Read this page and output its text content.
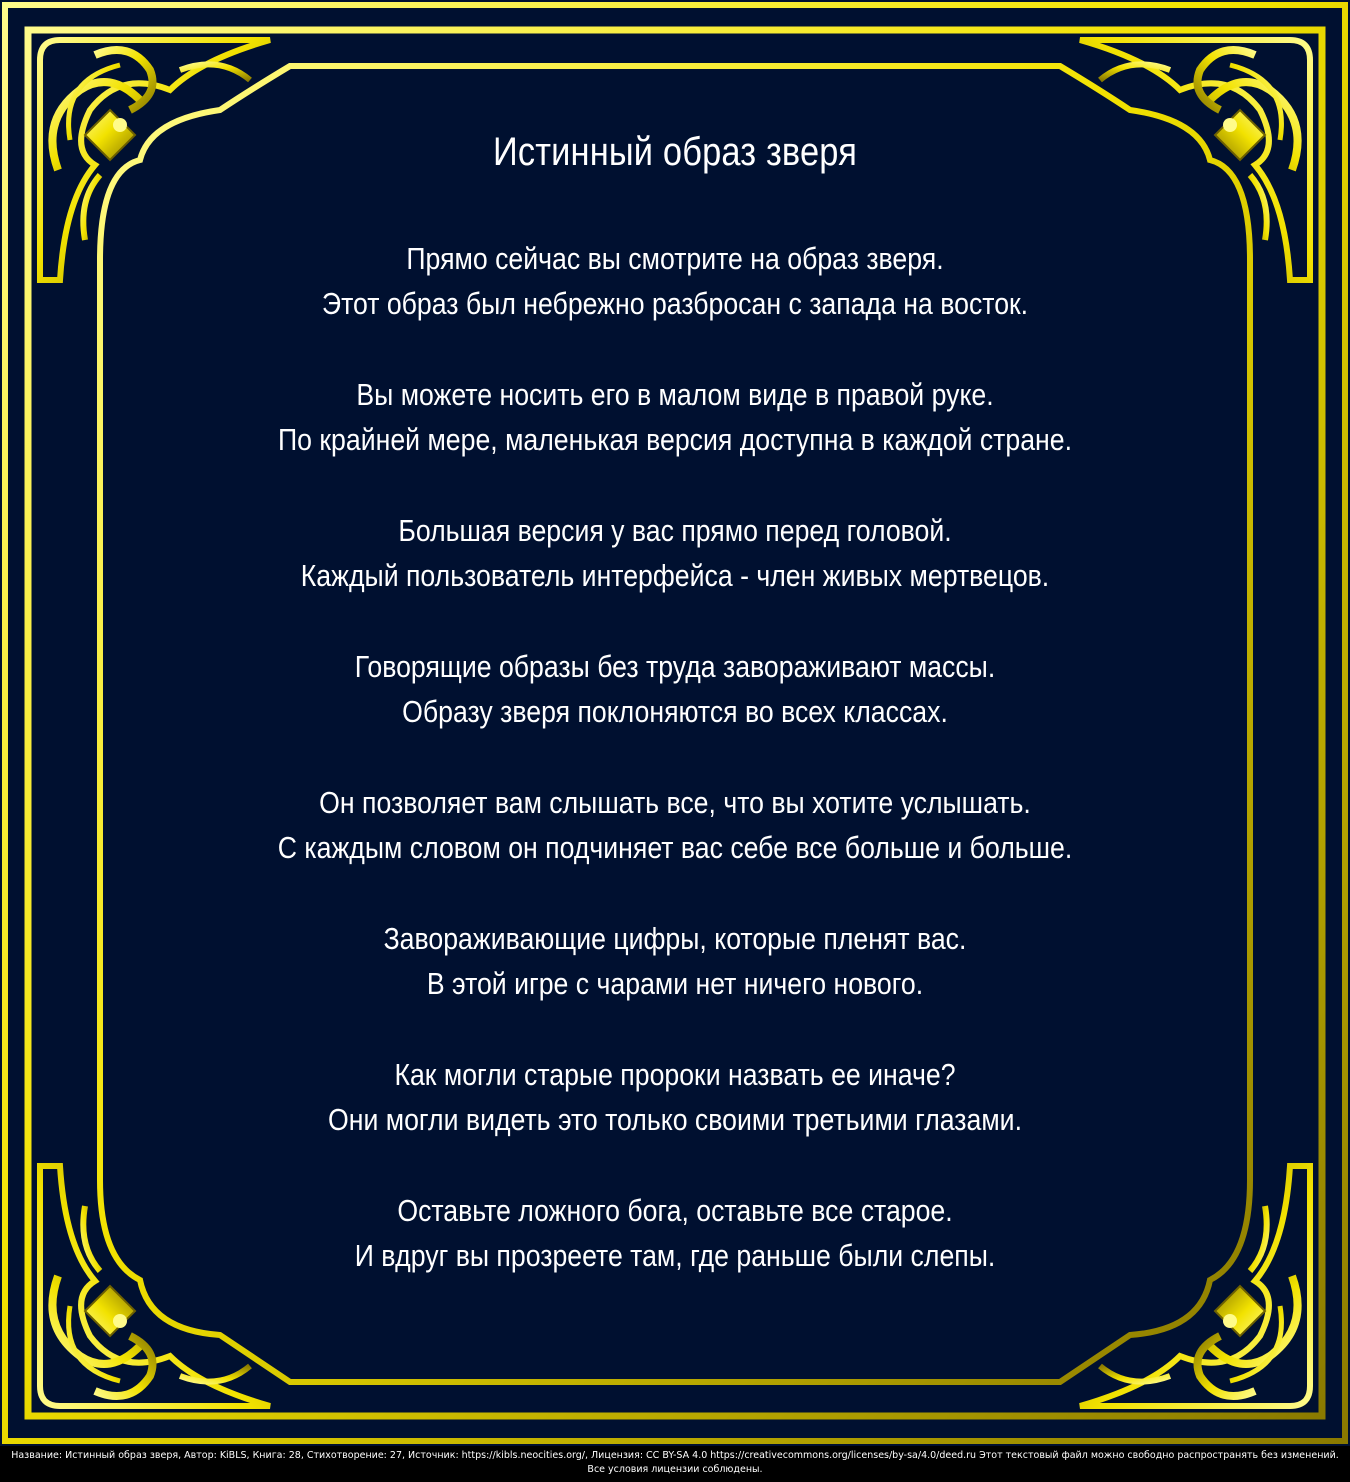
Истинный образ зверя
Прямо сейчас вы смотрите на образ зверя.
Этот образ был небрежно разбросан с запада на восток.
Вы можете носить его в малом виде в правой руке.
По крайней мере, маленькая версия доступна в каждой стране.
Большая версия у вас прямо перед головой.
Каждый пользователь интерфейса - член живых мертвецов.
Говорящие образы без труда завораживают массы.
Образу зверя поклоняются во всех классах.
Он позволяет вам слышать все, что вы хотите услышать.
С каждым словом он подчиняет вас себе все больше и больше.
Завораживающие цифры, которые пленят вас.
В этой игре с чарами нет ничего нового.
Как могли старые пророки назвать ее иначе?
Они могли видеть это только своими третьими глазами.
Оставьте ложного бога, оставьте все старое.
И вдруг вы прозреете там, где раньше были слепы.
Название: Истинный образ зверя, Автор: KiBLS, Книга: 28, Стихотворение: 27, Источник: https://kibls.neocities.org/, Лицензия: CC BY-SA 4.0 https://creativecommons.org/licenses/by-sa/4.0/deed.ru Этот текстовый файл можно свободно распространять без изменений. Все условия лицензии соблюдены.
